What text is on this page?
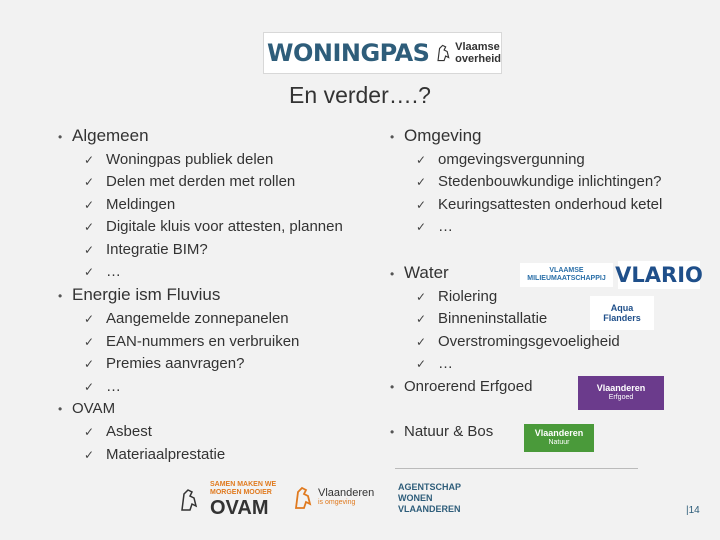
WONINGPAS Vlaamse
overheid
En verder….?
• Algemeen
✓ Woningpas publiek delen
✓ Delen met derden met rollen
✓ Meldingen
✓ Digitale kluis voor attesten, plannen
✓ Integratie BIM?
✓ …
• Energie ism Fluvius
✓ Aangemelde zonnepanelen
✓ EAN-nummers en verbruiken
✓ Premies aanvragen?
✓ …
• OVAM
✓ Asbest
✓ Materiaalprestatie
• Omgeving
✓ omgevingsvergunning
✓ Stedenbouwkundige inlichtingen?
✓ Keuringsattesten onderhoud ketel
✓ …
• Water
✓ Riolering
✓ Binneninstallatie
✓ Overstromingsgevoeligheid
✓ …
• Onroerend Erfgoed
• Natuur & Bos
VLAAMSE
MILIEUMAATSCHAPPIJ VLARIO
Aqua
Flanders
Vlaanderen
Erfgoed
Vlaanderen
Natuur
SAMEN MAKEN WE
MORGEN MOOIER
OVAM
Vlaanderen
is omgeving
AGENTSCHAP
WONEN
VLAANDEREN	|14
